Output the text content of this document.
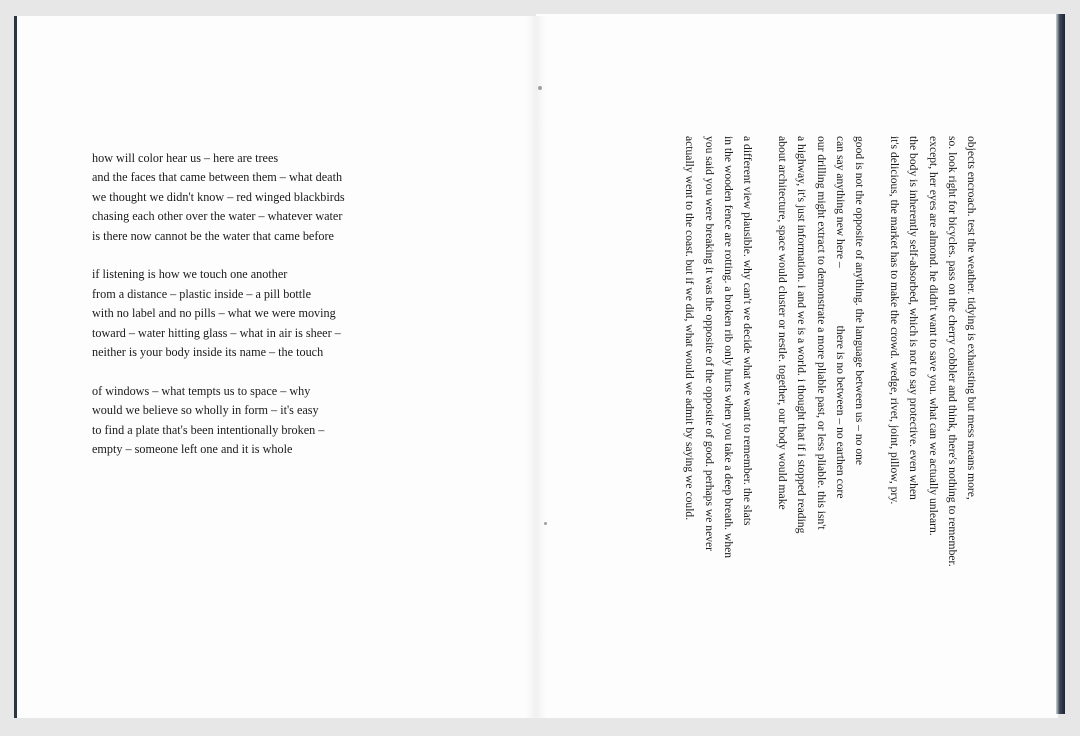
how will color hear us – here are trees
and the faces that came between them – what death
we thought we didn't know – red winged blackbirds
chasing each other over the water – whatever water
is there now cannot be the water that came before
if listening is how we touch one another
from a distance – plastic inside – a pill bottle
with no label and no pills – what we were moving
toward – water hitting glass – what in air is sheer –
neither is your body inside its name – the touch
of windows – what tempts us to space – why
would we believe so wholly in form – it's easy
to find a plate that's been intentionally broken –
empty – someone left one and it is whole	objects encroach. test the weather. tidying is exhausting but mess means more,
so. look right for bicycles. pass on the cherry cobbler and think, there's nothing to remember.
except, her eyes are almond. he didn't want to save you. what can we actually unlearn.
the body is inherently self-absorbed, which is not to say protective. even when
it's delicious, the market has to make the crowd. wedge, rivet, joint, pillow, pry.
good is not the opposite of anything. the language between us – no one
can say anything new here –there is no between – no earthen core
our drilling might extract to demonstrate a more pliable past, or less pliable. this isn't
a highway, it's just information. i and we is a world. i thought that if i stopped reading
about architecture, space would cluster or nestle. together, our body would make
a different view plausible. why can't we decide what we want to remember. the slats
in the wooden fence are rotting. a broken rib only hurts when you take a deep breath. when
you said you were breaking it was the opposite of the opposite of good. perhaps we never
actually went to the coast. but if we did, what would we admit by saying we could.
